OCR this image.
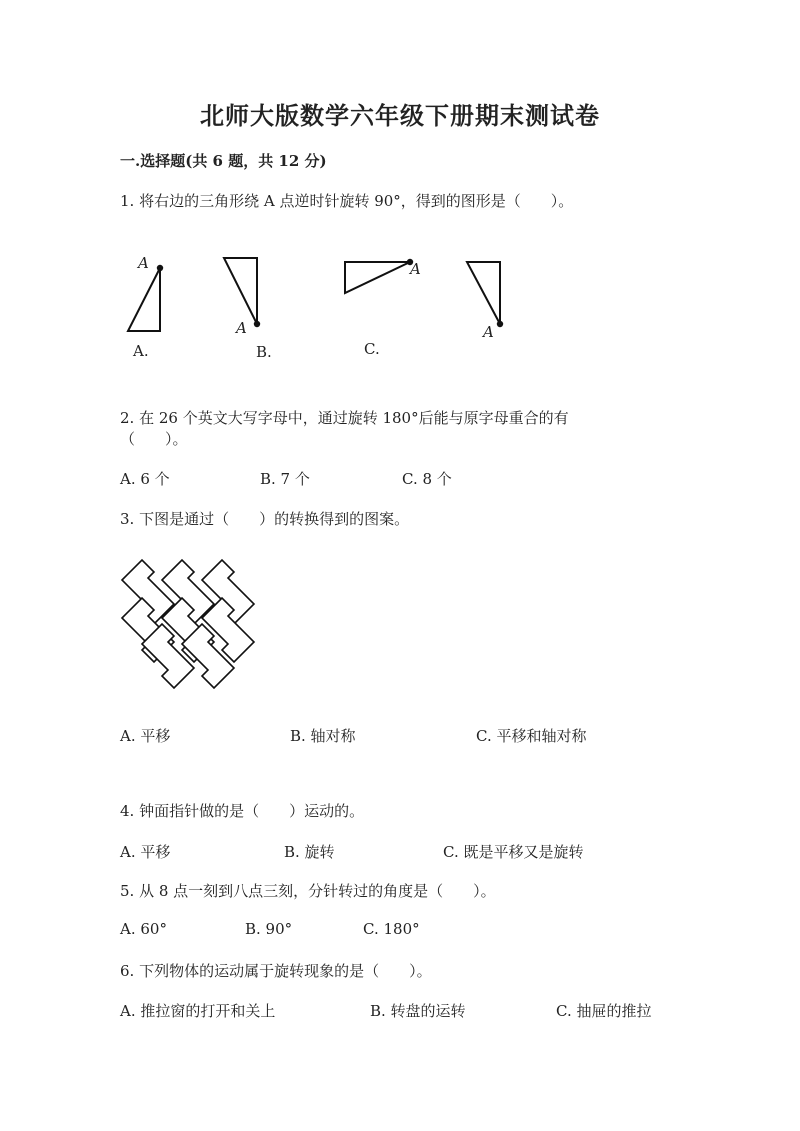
北师大版数学六年级下册期末测试卷
一.选择题(共 6 题，共 12 分)
1. 将右边的三角形绕 A 点逆时针旋转 90°，得到的图形是（　　）。
A
A.
A
B.
A
C.
A
2. 在 26 个英文大写字母中，通过旋转 180°后能与原字母重合的有
（　　）。
A. 6 个	B. 7 个	C. 8 个
3. 下图是通过（　　）的转换得到的图案。
A. 平移	B. 轴对称	C. 平移和轴对称
4. 钟面指针做的是（　　）运动的。
A. 平移	B. 旋转	C. 既是平移又是旋转
5. 从 8 点一刻到八点三刻，分针转过的角度是（　　）。
A. 60°	B. 90°	C. 180°
6. 下列物体的运动属于旋转现象的是（　　）。
A. 推拉窗的打开和关上	B. 转盘的运转	C. 抽屉的推拉
